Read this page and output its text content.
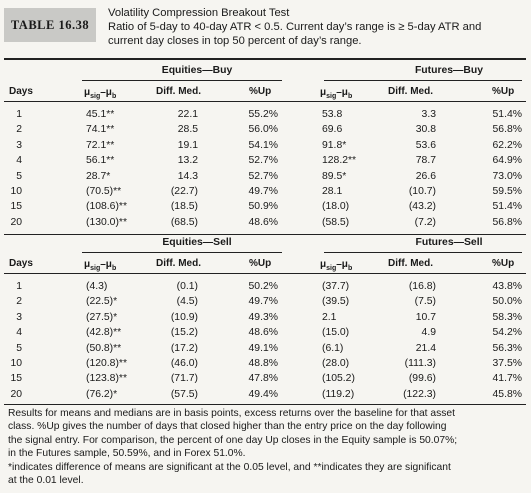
TABLE 16.38
Volatility Compression Breakout Test
Ratio of 5-day to 40-day ATR < 0.5. Current day’s range is ≥ 5-day ATR and
current day closes in top 50 percent of day’s range.
Equities—Buy	Futures—Buy
Days	$\mu_{sig}-\mu_b$	Diff. Med.	%Up	$\mu_{sig}-\mu_b$	Diff. Med.	%Up
1	45.1**	22.1	55.2%	53.8	3.3	51.4%
2	74.1**	28.5	56.0%	69.6	30.8	56.8%
3	72.1**	19.1	54.1%	91.8*	53.6	62.2%
4	56.1**	13.2	52.7%	128.2**	78.7	64.9%
5	28.7*	14.3	52.7%	89.5*	26.6	73.0%
10	(70.5)**	(22.7)	49.7%	28.1	(10.7)	59.5%
15	(108.6)**	(18.5)	50.9%	(18.0)	(43.2)	51.4%
20	(130.0)**	(68.5)	48.6%	(58.5)	(7.2)	56.8%
Equities—Sell	Futures—Sell
Days	$\mu_{sig}-\mu_b$	Diff. Med.	%Up	$\mu_{sig}-\mu_b$	Diff. Med.	%Up
1	(4.3)	(0.1)	50.2%	(37.7)	(16.8)	43.8%
2	(22.5)*	(4.5)	49.7%	(39.5)	(7.5)	50.0%
3	(27.5)*	(10.9)	49.3%	2.1	10.7	58.3%
4	(42.8)**	(15.2)	48.6%	(15.0)	4.9	54.2%
5	(50.8)**	(17.2)	49.1%	(6.1)	21.4	56.3%
10	(120.8)**	(46.0)	48.8%	(28.0)	(111.3)	37.5%
15	(123.8)**	(71.7)	47.8%	(105.2)	(99.6)	41.7%
20	(76.2)*	(57.5)	49.4%	(119.2)	(122.3)	45.8%
Results for means and medians are in basis points, excess returns over the baseline for that asset
class. %Up gives the number of days that closed higher than the entry price on the day following
the signal entry. For comparison, the percent of one day Up closes in the Equity sample is 50.07%;
in the Futures sample, 50.59%, and in Forex 51.0%.
*indicates difference of means are significant at the 0.05 level, and **indicates they are significant
at the 0.01 level.
